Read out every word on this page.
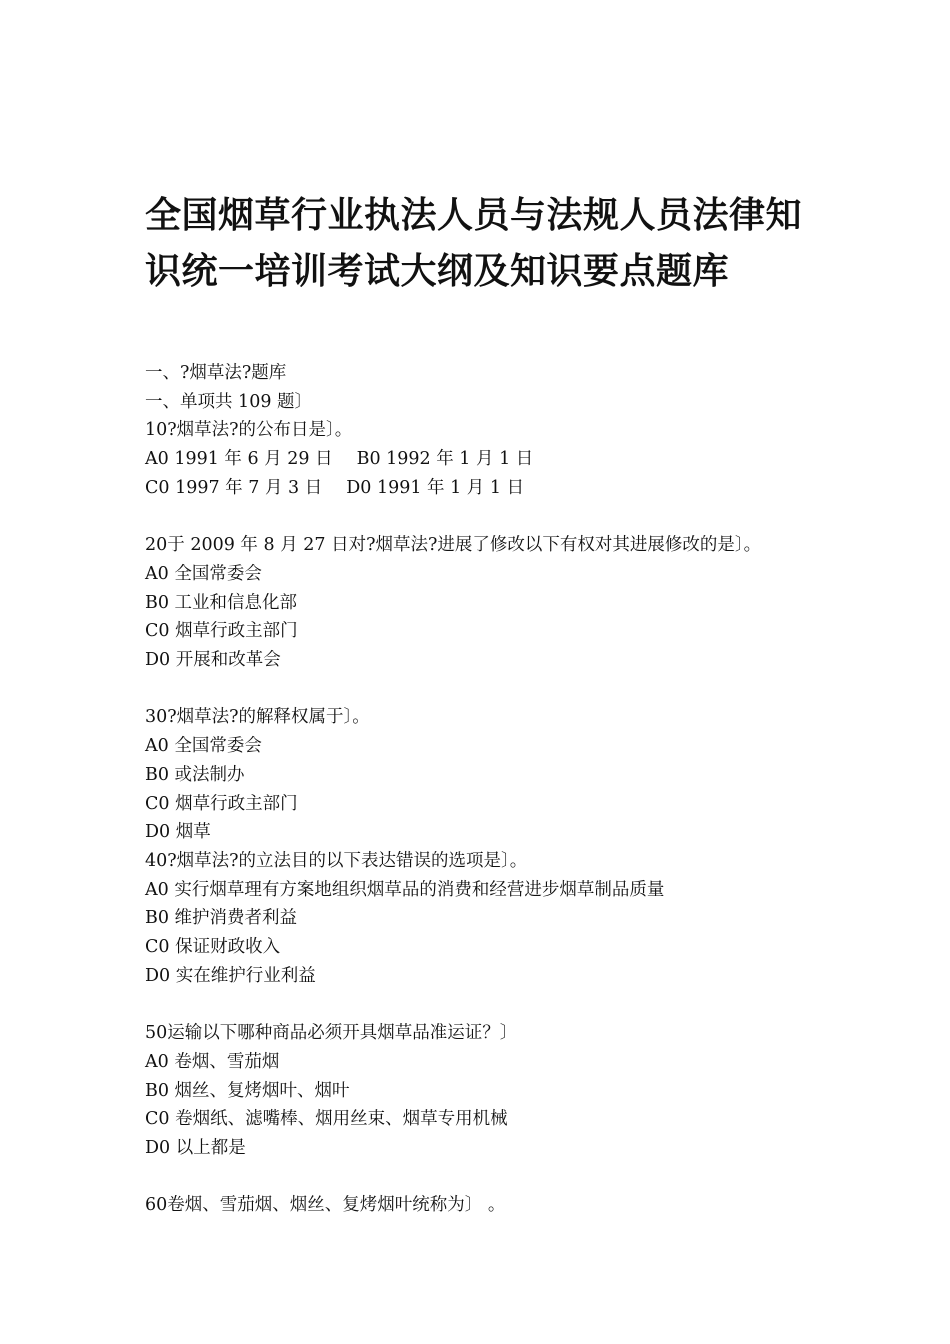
全国烟草行业执法人员与法规人员法律知
识统一培训考试大纲及知识要点题库
一、?烟草法?题库
一、单项共 109 题〕
10?烟草法?的公布日是〕。
A0 1991 年 6 月 29 日 B0 1992 年 1 月 1 日
C0 1997 年 7 月 3 日 D0 1991 年 1 月 1 日
20于 2009 年 8 月 27 日对?烟草法?进展了修改以下有权对其进展修改的是〕。
A0 全国常委会
B0 工业和信息化部
C0 烟草行政主部门
D0 开展和改革会
30?烟草法?的解释权属于〕。
A0 全国常委会
B0 或法制办
C0 烟草行政主部门
D0 烟草
40?烟草法?的立法目的以下表达错误的选项是〕。
A0 实行烟草理有方案地组织烟草品的消费和经营进步烟草制品质量
B0 维护消费者利益
C0 保证财政收入
D0 实在维护行业利益
50运输以下哪种商品必须开具烟草品准运证？〕
A0 卷烟、雪茄烟
B0 烟丝、复烤烟叶、烟叶
C0 卷烟纸、滤嘴棒、烟用丝束、烟草专用机械
D0 以上都是
60卷烟、雪茄烟、烟丝、复烤烟叶统称为〕 。
